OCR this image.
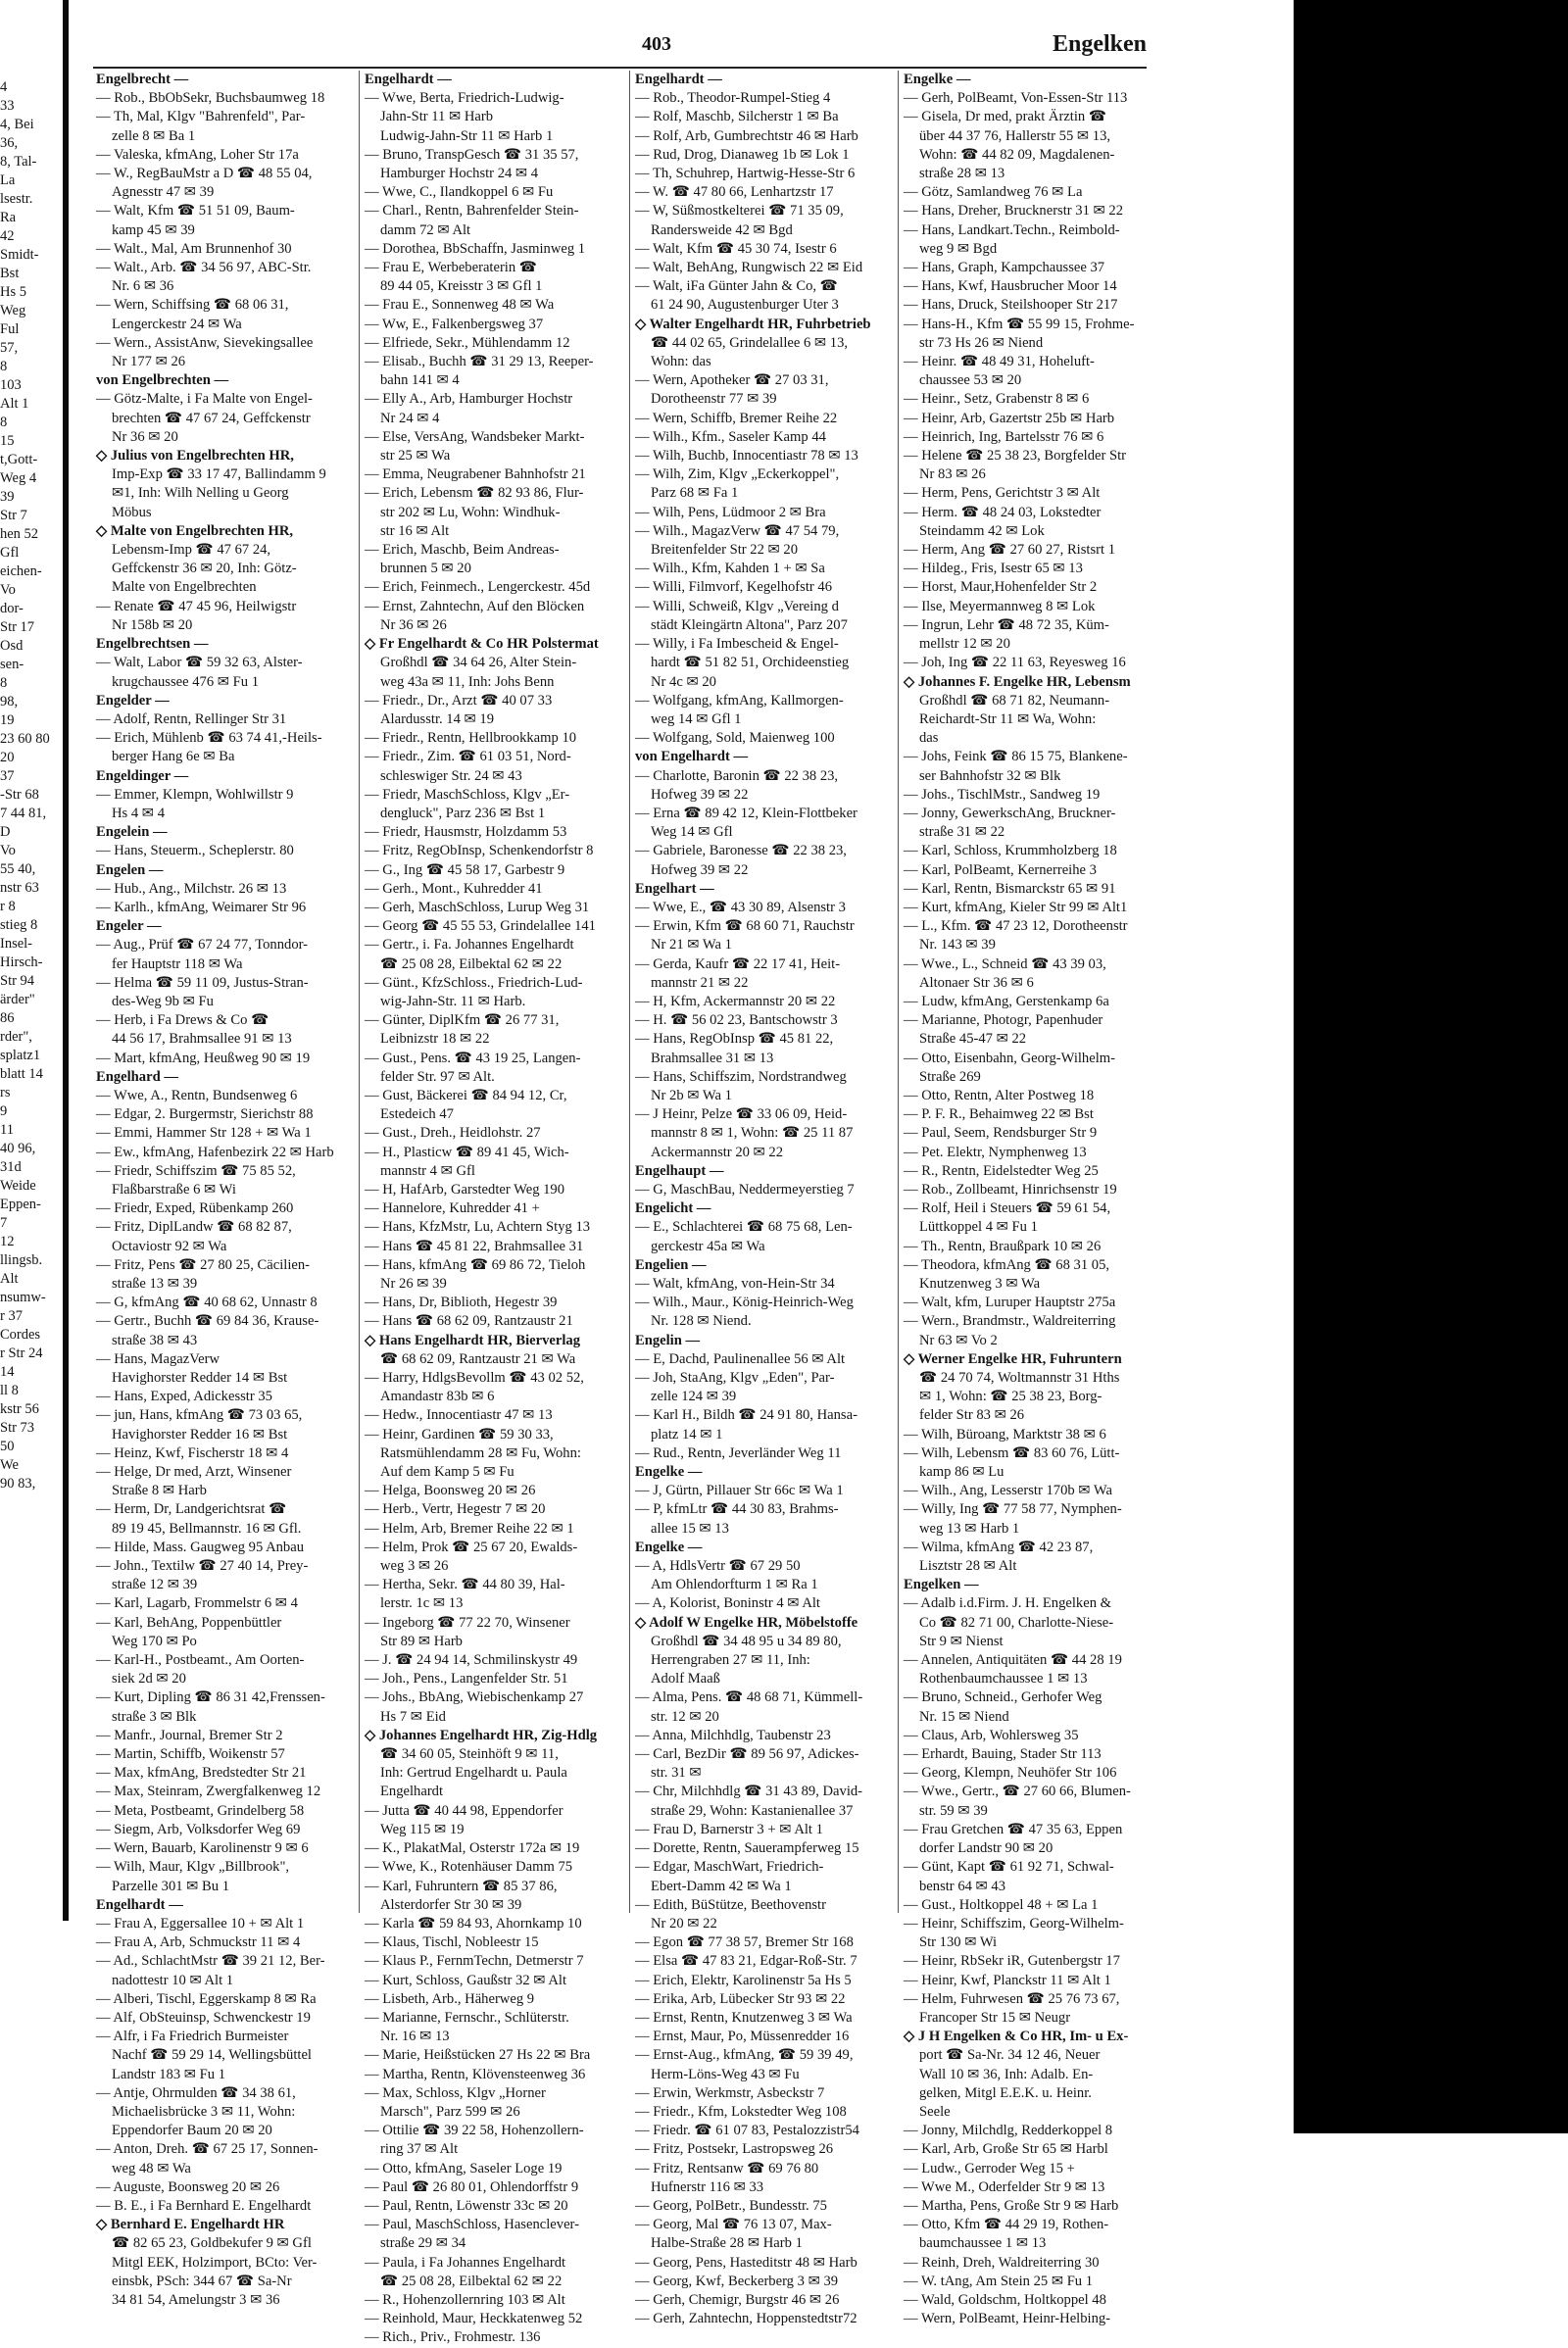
4
33
4, Bei
36,
8, Tal-
La
lsestr.
Ra
42
Smidt-
Bst
Hs 5
Weg
Ful
57,
8
103
Alt 1
8
15
t,Gott-
Weg 4
39
Str 7
hen 52
Gfl
eichen-
Vo
dor-
Str 17
Osd
sen-
8
98,
19
23 60 80
20
37
-Str 68
7 44 81,
D
Vo
55 40,
nstr 63
r 8
stieg 8
Insel-
Hirsch-
Str 94
ärder"
86
rder",
splatz1
blatt 14
rs
9
11
40 96,
31d
Weide
Eppen-
7
12
llingsb.
Alt
nsumw-
r 37
Cordes
r Str 24
14
ll 8
kstr 56
Str 73
50
We
90 83,
403	Engelken
Engelbrecht —
— Rob., BbObSekr, Buchsbaumweg 18
— Th, Mal, Klgv "Bahrenfeld", Par-
zelle 8 ✉ Ba 1
— Valeska, kfmAng, Loher Str 17a
— W., RegBauMstr a D ☎ 48 55 04,
Agnesstr 47 ✉ 39
— Walt, Kfm ☎ 51 51 09, Baum-
kamp 45 ✉ 39
— Walt., Mal, Am Brunnenhof 30
— Walt., Arb. ☎ 34 56 97, ABC-Str.
Nr. 6 ✉ 36
— Wern, Schiffsing ☎ 68 06 31,
Lengerckestr 24 ✉ Wa
— Wern., AssistAnw, Sievekingsallee
Nr 177 ✉ 26
von Engelbrechten —
— Götz-Malte, i Fa Malte von Engel-
brechten ☎ 47 67 24, Geffckenstr
Nr 36 ✉ 20
◇ Julius von Engelbrechten HR,
Imp-Exp ☎ 33 17 47, Ballindamm 9
✉1, Inh: Wilh Nelling u Georg
Möbus
◇ Malte von Engelbrechten HR,
Lebensm-Imp ☎ 47 67 24,
Geffckenstr 36 ✉ 20, Inh: Götz-
Malte von Engelbrechten
— Renate ☎ 47 45 96, Heilwigstr
Nr 158b ✉ 20
Engelbrechtsen —
— Walt, Labor ☎ 59 32 63, Alster-
krugchaussee 476 ✉ Fu 1
Engelder —
— Adolf, Rentn, Rellinger Str 31
— Erich, Mühlenb ☎ 63 74 41,-Heils-
berger Hang 6e ✉ Ba
Engeldinger —
— Emmer, Klempn, Wohlwillstr 9
Hs 4 ✉ 4
Engelein —
— Hans, Steuerm., Scheplerstr. 80
Engelen —
— Hub., Ang., Milchstr. 26 ✉ 13
— Karlh., kfmAng, Weimarer Str 96
Engeler —
— Aug., Prüf ☎ 67 24 77, Tonndor-
fer Hauptstr 118 ✉ Wa
— Helma ☎ 59 11 09, Justus-Stran-
des-Weg 9b ✉ Fu
— Herb, i Fa Drews & Co ☎
44 56 17, Brahmsallee 91 ✉ 13
— Mart, kfmAng, Heußweg 90 ✉ 19
Engelhard —
— Wwe, A., Rentn, Bundsenweg 6
— Edgar, 2. Burgermstr, Sierichstr 88
— Emmi, Hammer Str 128 + ✉ Wa 1
— Ew., kfmAng, Hafenbezirk 22 ✉ Harb
— Friedr, Schiffszim ☎ 75 85 52,
Flaßbarstraße 6 ✉ Wi
— Friedr, Exped, Rübenkamp 260
— Fritz, DiplLandw ☎ 68 82 87,
Octaviostr 92 ✉ Wa
— Fritz, Pens ☎ 27 80 25, Cäcilien-
straße 13 ✉ 39
— G, kfmAng ☎ 40 68 62, Unnastr 8
— Gertr., Buchh ☎ 69 84 36, Krause-
straße 38 ✉ 43
— Hans, MagazVerw
Havighorster Redder 14 ✉ Bst
— Hans, Exped, Adickesstr 35
— jun, Hans, kfmAng ☎ 73 03 65,
Havighorster Redder 16 ✉ Bst
— Heinz, Kwf, Fischerstr 18 ✉ 4
— Helge, Dr med, Arzt, Winsener
Straße 8 ✉ Harb
— Herm, Dr, Landgerichtsrat ☎
89 19 45, Bellmannstr. 16 ✉ Gfl.
— Hilde, Mass. Gaugweg 95 Anbau
— John., Textilw ☎ 27 40 14, Prey-
straße 12 ✉ 39
— Karl, Lagarb, Frommelstr 6 ✉ 4
— Karl, BehAng, Poppenbüttler
Weg 170 ✉ Po
— Karl-H., Postbeamt., Am Oorten-
siek 2d ✉ 20
— Kurt, Dipling ☎ 86 31 42,Frenssen-
straße 3 ✉ Blk
— Manfr., Journal, Bremer Str 2
— Martin, Schiffb, Woikenstr 57
— Max, kfmAng, Bredstedter Str 21
— Max, Steinram, Zwergfalkenweg 12
— Meta, Postbeamt, Grindelberg 58
— Siegm, Arb, Volksdorfer Weg 69
— Wern, Bauarb, Karolinenstr 9 ✉ 6
— Wilh, Maur, Klgv „Billbrook",
Parzelle 301 ✉ Bu 1
Engelhardt —
— Frau A, Eggersallee 10 + ✉ Alt 1
— Frau A, Arb, Schmuckstr 11 ✉ 4
— Ad., SchlachtMstr ☎ 39 21 12, Ber-
nadottestr 10 ✉ Alt 1
— Alberi, Tischl, Eggerskamp 8 ✉ Ra
— Alf, ObSteuinsp, Schwenckestr 19
— Alfr, i Fa Friedrich Burmeister
Nachf ☎ 59 29 14, Wellingsbüttel
Landstr 183 ✉ Fu 1
— Antje, Ohrmulden ☎ 34 38 61,
Michaelisbrücke 3 ✉ 11, Wohn:
Eppendorfer Baum 20 ✉ 20
— Anton, Dreh. ☎ 67 25 17, Sonnen-
weg 48 ✉ Wa
— Auguste, Boonsweg 20 ✉ 26
— B. E., i Fa Bernhard E. Engelhardt
◇ Bernhard E. Engelhardt HR
☎ 82 65 23, Goldbekufer 9 ✉ Gfl
Mitgl EEK, Holzimport, BCto: Ver-
einsbk, PSch: 344 67 ☎ Sa-Nr
34 81 54, Amelungstr 3 ✉ 36
Engelhardt —
— Wwe, Berta, Friedrich-Ludwig-
Jahn-Str 11 ✉ Harb
Ludwig-Jahn-Str 11 ✉ Harb 1
— Bruno, TranspGesch ☎ 31 35 57,
Hamburger Hochstr 24 ✉ 4
— Wwe, C., Ilandkoppel 6 ✉ Fu
— Charl., Rentn, Bahrenfelder Stein-
damm 72 ✉ Alt
— Dorothea, BbSchaffn, Jasminweg 1
— Frau E, Werbeberaterin ☎
89 44 05, Kreisstr 3 ✉ Gfl 1
— Frau E., Sonnenweg 48 ✉ Wa
— Ww, E., Falkenbergsweg 37
— Elfriede, Sekr., Mühlendamm 12
— Elisab., Buchh ☎ 31 29 13, Reeper-
bahn 141 ✉ 4
— Elly A., Arb, Hamburger Hochstr
Nr 24 ✉ 4
— Else, VersAng, Wandsbeker Markt-
str 25 ✉ Wa
— Emma, Neugrabener Bahnhofstr 21
— Erich, Lebensm ☎ 82 93 86, Flur-
str 202 ✉ Lu, Wohn: Windhuk-
str 16 ✉ Alt
— Erich, Maschb, Beim Andreas-
brunnen 5 ✉ 20
— Erich, Feinmech., Lengerckestr. 45d
— Ernst, Zahntechn, Auf den Blöcken
Nr 36 ✉ 26
◇ Fr Engelhardt & Co HR Polstermat
Großhdl ☎ 34 64 26, Alter Stein-
weg 43a ✉ 11, Inh: Johs Benn
— Friedr., Dr., Arzt ☎ 40 07 33
Alardusstr. 14 ✉ 19
— Friedr., Rentn, Hellbrookkamp 10
— Friedr., Zim. ☎ 61 03 51, Nord-
schleswiger Str. 24 ✉ 43
— Friedr, MaschSchloss, Klgv „Er-
dengluck", Parz 236 ✉ Bst 1
— Friedr, Hausmstr, Holzdamm 53
— Fritz, RegObInsp, Schenkendorfstr 8
— G., Ing ☎ 45 58 17, Garbestr 9
— Gerh., Mont., Kuhredder 41
— Gerh, MaschSchloss, Lurup Weg 31
— Georg ☎ 45 55 53, Grindelallee 141
— Gertr., i. Fa. Johannes Engelhardt
☎ 25 08 28, Eilbektal 62 ✉ 22
— Günt., KfzSchloss., Friedrich-Lud-
wig-Jahn-Str. 11 ✉ Harb.
— Günter, DiplKfm ☎ 26 77 31,
Leibnizstr 18 ✉ 22
— Gust., Pens. ☎ 43 19 25, Langen-
felder Str. 97 ✉ Alt.
— Gust, Bäckerei ☎ 84 94 12, Cr,
Estedeich 47
— Gust., Dreh., Heidlohstr. 27
— H., Plasticw ☎ 89 41 45, Wich-
mannstr 4 ✉ Gfl
— H, HafArb, Garstedter Weg 190
— Hannelore, Kuhredder 41 +
— Hans, KfzMstr, Lu, Achtern Styg 13
— Hans ☎ 45 81 22, Brahmsallee 31
— Hans, kfmAng ☎ 69 86 72, Tieloh
Nr 26 ✉ 39
— Hans, Dr, Biblioth, Hegestr 39
— Hans ☎ 68 62 09, Rantzaustr 21
◇ Hans Engelhardt HR, Bierverlag
☎ 68 62 09, Rantzaustr 21 ✉ Wa
— Harry, HdlgsBevollm ☎ 43 02 52,
Amandastr 83b ✉ 6
— Hedw., Innocentiastr 47 ✉ 13
— Heinr, Gardinen ☎ 59 30 33,
Ratsmühlendamm 28 ✉ Fu, Wohn:
Auf dem Kamp 5 ✉ Fu
— Helga, Boonsweg 20 ✉ 26
— Herb., Vertr, Hegestr 7 ✉ 20
— Helm, Arb, Bremer Reihe 22 ✉ 1
— Helm, Prok ☎ 25 67 20, Ewalds-
weg 3 ✉ 26
— Hertha, Sekr. ☎ 44 80 39, Hal-
lerstr. 1c ✉ 13
— Ingeborg ☎ 77 22 70, Winsener
Str 89 ✉ Harb
— J. ☎ 24 94 14, Schmilinskystr 49
— Joh., Pens., Langenfelder Str. 51
— Johs., BbAng, Wiebischenkamp 27
Hs 7 ✉ Eid
◇ Johannes Engelhardt HR, Zig-Hdlg
☎ 34 60 05, Steinhöft 9 ✉ 11,
Inh: Gertrud Engelhardt u. Paula
Engelhardt
— Jutta ☎ 40 44 98, Eppendorfer
Weg 115 ✉ 19
— K., PlakatMal, Osterstr 172a ✉ 19
— Wwe, K., Rotenhäuser Damm 75
— Karl, Fuhruntern ☎ 85 37 86,
Alsterdorfer Str 30 ✉ 39
— Karla ☎ 59 84 93, Ahornkamp 10
— Klaus, Tischl, Nobleestr 15
— Klaus P., FernmTechn, Detmerstr 7
— Kurt, Schloss, Gaußstr 32 ✉ Alt
— Lisbeth, Arb., Häherweg 9
— Marianne, Fernschr., Schlüterstr.
Nr. 16 ✉ 13
— Marie, Heißstücken 27 Hs 22 ✉ Bra
— Martha, Rentn, Klövensteenweg 36
— Max, Schloss, Klgv „Horner
Marsch", Parz 599 ✉ 26
— Ottilie ☎ 39 22 58, Hohenzollern-
ring 37 ✉ Alt
— Otto, kfmAng, Saseler Loge 19
— Paul ☎ 26 80 01, Ohlendorffstr 9
— Paul, Rentn, Löwenstr 33c ✉ 20
— Paul, MaschSchloss, Hasenclever-
straße 29 ✉ 34
— Paula, i Fa Johannes Engelhardt
☎ 25 08 28, Eilbektal 62 ✉ 22
— R., Hohenzollernring 103 ✉ Alt
— Reinhold, Maur, Heckkatenweg 52
— Rich., Priv., Frohmestr. 136
Engelhardt —
— Rob., Theodor-Rumpel-Stieg 4
— Rolf, Maschb, Silcherstr 1 ✉ Ba
— Rolf, Arb, Gumbrechtstr 46 ✉ Harb
— Rud, Drog, Dianaweg 1b ✉ Lok 1
— Th, Schuhrep, Hartwig-Hesse-Str 6
— W. ☎ 47 80 66, Lenhartzstr 17
— W, Süßmostkelterei ☎ 71 35 09,
Randersweide 42 ✉ Bgd
— Walt, Kfm ☎ 45 30 74, Isestr 6
— Walt, BehAng, Rungwisch 22 ✉ Eid
— Walt, iFa Günter Jahn & Co, ☎
61 24 90, Augustenburger Uter 3
◇ Walter Engelhardt HR, Fuhrbetrieb
☎ 44 02 65, Grindelallee 6 ✉ 13,
Wohn: das
— Wern, Apotheker ☎ 27 03 31,
Dorotheenstr 77 ✉ 39
— Wern, Schiffb, Bremer Reihe 22
— Wilh., Kfm., Saseler Kamp 44
— Wilh, Buchb, Innocentiastr 78 ✉ 13
— Wilh, Zim, Klgv „Eckerkoppel",
Parz 68 ✉ Fa 1
— Wilh, Pens, Lüdmoor 2 ✉ Bra
— Wilh., MagazVerw ☎ 47 54 79,
Breitenfelder Str 22 ✉ 20
— Wilh., Kfm, Kahden 1 + ✉ Sa
— Willi, Filmvorf, Kegelhofstr 46
— Willi, Schweiß, Klgv „Vereing d
städt Kleingärtn Altona", Parz 207
— Willy, i Fa Imbescheid & Engel-
hardt ☎ 51 82 51, Orchideenstieg
Nr 4c ✉ 20
— Wolfgang, kfmAng, Kallmorgen-
weg 14 ✉ Gfl 1
— Wolfgang, Sold, Maienweg 100
von Engelhardt —
— Charlotte, Baronin ☎ 22 38 23,
Hofweg 39 ✉ 22
— Erna ☎ 89 42 12, Klein-Flottbeker
Weg 14 ✉ Gfl
— Gabriele, Baronesse ☎ 22 38 23,
Hofweg 39 ✉ 22
Engelhart —
— Wwe, E., ☎ 43 30 89, Alsenstr 3
— Erwin, Kfm ☎ 68 60 71, Rauchstr
Nr 21 ✉ Wa 1
— Gerda, Kaufr ☎ 22 17 41, Heit-
mannstr 21 ✉ 22
— H, Kfm, Ackermannstr 20 ✉ 22
— H. ☎ 56 02 23, Bantschowstr 3
— Hans, RegObInsp ☎ 45 81 22,
Brahmsallee 31 ✉ 13
— Hans, Schiffszim, Nordstrandweg
Nr 2b ✉ Wa 1
— J Heinr, Pelze ☎ 33 06 09, Heid-
mannstr 8 ✉ 1, Wohn: ☎ 25 11 87
Ackermannstr 20 ✉ 22
Engelhaupt —
— G, MaschBau, Neddermeyerstieg 7
Engelicht —
— E., Schlachterei ☎ 68 75 68, Len-
gerckestr 45a ✉ Wa
Engelien —
— Walt, kfmAng, von-Hein-Str 34
— Wilh., Maur., König-Heinrich-Weg
Nr. 128 ✉ Niend.
Engelin —
— E, Dachd, Paulinenallee 56 ✉ Alt
— Joh, StaAng, Klgv „Eden", Par-
zelle 124 ✉ 39
— Karl H., Bildh ☎ 24 91 80, Hansa-
platz 14 ✉ 1
— Rud., Rentn, Jeverländer Weg 11
Engelke —
— J, Gürtn, Pillauer Str 66c ✉ Wa 1
— P, kfmLtr ☎ 44 30 83, Brahms-
allee 15 ✉ 13
Engelke —
— A, HdlsVertr ☎ 67 29 50
Am Ohlendorfturm 1 ✉ Ra 1
— A, Kolorist, Boninstr 4 ✉ Alt
◇ Adolf W Engelke HR, Möbelstoffe
Großhdl ☎ 34 48 95 u 34 89 80,
Herrengraben 27 ✉ 11, Inh:
Adolf Maaß
— Alma, Pens. ☎ 48 68 71, Kümmell-
str. 12 ✉ 20
— Anna, Milchhdlg, Taubenstr 23
— Carl, BezDir ☎ 89 56 97, Adickes-
str. 31 ✉
— Chr, Milchhdlg ☎ 31 43 89, David-
straße 29, Wohn: Kastanienallee 37
— Frau D, Barnerstr 3 + ✉ Alt 1
— Dorette, Rentn, Sauerampferweg 15
— Edgar, MaschWart, Friedrich-
Ebert-Damm 42 ✉ Wa 1
— Edith, BüStütze, Beethovenstr
Nr 20 ✉ 22
— Egon ☎ 77 38 57, Bremer Str 168
— Elsa ☎ 47 83 21, Edgar-Roß-Str. 7
— Erich, Elektr, Karolinenstr 5a Hs 5
— Erika, Arb, Lübecker Str 93 ✉ 22
— Ernst, Rentn, Knutzenweg 3 ✉ Wa
— Ernst, Maur, Po, Müssenredder 16
— Ernst-Aug., kfmAng, ☎ 59 39 49,
Herm-Löns-Weg 43 ✉ Fu
— Erwin, Werkmstr, Asbeckstr 7
— Friedr., Kfm, Lokstedter Weg 108
— Friedr. ☎ 61 07 83, Pestalozzistr54
— Fritz, Postsekr, Lastropsweg 26
— Fritz, Rentsanw ☎ 69 76 80
Hufnerstr 116 ✉ 33
— Georg, PolBetr., Bundesstr. 75
— Georg, Mal ☎ 76 13 07, Max-
Halbe-Straße 28 ✉ Harb 1
— Georg, Pens, Hasteditstr 48 ✉ Harb
— Georg, Kwf, Beckerberg 3 ✉ 39
— Gerh, Chemigr, Burgstr 46 ✉ 26
— Gerh, Zahntechn, Hoppenstedtstr72
Engelke —
— Gerh, PolBeamt, Von-Essen-Str 113
— Gisela, Dr med, prakt Ärztin ☎
über 44 37 76, Hallerstr 55 ✉ 13,
Wohn: ☎ 44 82 09, Magdalenen-
straße 28 ✉ 13
— Götz, Samlandweg 76 ✉ La
— Hans, Dreher, Brucknerstr 31 ✉ 22
— Hans, Landkart.Techn., Reimbold-
weg 9 ✉ Bgd
— Hans, Graph, Kampchaussee 37
— Hans, Kwf, Hausbrucher Moor 14
— Hans, Druck, Steilshooper Str 217
— Hans-H., Kfm ☎ 55 99 15, Frohme-
str 73 Hs 26 ✉ Niend
— Heinr. ☎ 48 49 31, Hoheluft-
chaussee 53 ✉ 20
— Heinr., Setz, Grabenstr 8 ✉ 6
— Heinr, Arb, Gazertstr 25b ✉ Harb
— Heinrich, Ing, Bartelsstr 76 ✉ 6
— Helene ☎ 25 38 23, Borgfelder Str
Nr 83 ✉ 26
— Herm, Pens, Gerichtstr 3 ✉ Alt
— Herm. ☎ 48 24 03, Lokstedter
Steindamm 42 ✉ Lok
— Herm, Ang ☎ 27 60 27, Ristsrt 1
— Hildeg., Fris, Isestr 65 ✉ 13
— Horst, Maur,Hohenfelder Str 2
— Ilse, Meyermannweg 8 ✉ Lok
— Ingrun, Lehr ☎ 48 72 35, Küm-
mellstr 12 ✉ 20
— Joh, Ing ☎ 22 11 63, Reyesweg 16
◇ Johannes F. Engelke HR, Lebensm
Großhdl ☎ 68 71 82, Neumann-
Reichardt-Str 11 ✉ Wa, Wohn:
das
— Johs, Feink ☎ 86 15 75, Blankene-
ser Bahnhofstr 32 ✉ Blk
— Johs., TischlMstr., Sandweg 19
— Jonny, GewerkschAng, Bruckner-
straße 31 ✉ 22
— Karl, Schloss, Krummholzberg 18
— Karl, PolBeamt, Kernerreihe 3
— Karl, Rentn, Bismarckstr 65 ✉ 91
— Kurt, kfmAng, Kieler Str 99 ✉ Alt1
— L., Kfm. ☎ 47 23 12, Dorotheenstr
Nr. 143 ✉ 39
— Wwe., L., Schneid ☎ 43 39 03,
Altonaer Str 36 ✉ 6
— Ludw, kfmAng, Gerstenkamp 6a
— Marianne, Photogr, Papenhuder
Straße 45-47 ✉ 22
— Otto, Eisenbahn, Georg-Wilhelm-
Straße 269
— Otto, Rentn, Alter Postweg 18
— P. F. R., Behaimweg 22 ✉ Bst
— Paul, Seem, Rendsburger Str 9
— Pet. Elektr, Nymphenweg 13
— R., Rentn, Eidelstedter Weg 25
— Rob., Zollbeamt, Hinrichsenstr 19
— Rolf, Heil i Steuers ☎ 59 61 54,
Lüttkoppel 4 ✉ Fu 1
— Th., Rentn, Braußpark 10 ✉ 26
— Theodora, kfmAng ☎ 68 31 05,
Knutzenweg 3 ✉ Wa
— Walt, kfm, Luruper Hauptstr 275a
— Wern., Brandmstr., Waldreiterring
Nr 63 ✉ Vo 2
◇ Werner Engelke HR, Fuhruntern
☎ 24 70 74, Woltmannstr 31 Hths
✉ 1, Wohn: ☎ 25 38 23, Borg-
felder Str 83 ✉ 26
— Wilh, Büroang, Marktstr 38 ✉ 6
— Wilh, Lebensm ☎ 83 60 76, Lütt-
kamp 86 ✉ Lu
— Wilh., Ang, Lesserstr 170b ✉ Wa
— Willy, Ing ☎ 77 58 77, Nymphen-
weg 13 ✉ Harb 1
— Wilma, kfmAng ☎ 42 23 87,
Lisztstr 28 ✉ Alt
Engelken —
— Adalb i.d.Firm. J. H. Engelken &
Co ☎ 82 71 00, Charlotte-Niese-
Str 9 ✉ Nienst
— Annelen, Antiquitäten ☎ 44 28 19
Rothenbaumchaussee 1 ✉ 13
— Bruno, Schneid., Gerhofer Weg
Nr. 15 ✉ Niend
— Claus, Arb, Wohlersweg 35
— Erhardt, Bauing, Stader Str 113
— Georg, Klempn, Neuhöfer Str 106
— Wwe., Gertr., ☎ 27 60 66, Blumen-
str. 59 ✉ 39
— Frau Gretchen ☎ 47 35 63, Eppen
dorfer Landstr 90 ✉ 20
— Günt, Kapt ☎ 61 92 71, Schwal-
benstr 64 ✉ 43
— Gust., Holtkoppel 48 + ✉ La 1
— Heinr, Schiffszim, Georg-Wilhelm-
Str 130 ✉ Wi
— Heinr, RbSekr iR, Gutenbergstr 17
— Heinr, Kwf, Planckstr 11 ✉ Alt 1
— Helm, Fuhrwesen ☎ 25 76 73 67,
Francoper Str 15 ✉ Neugr
◇ J H Engelken & Co HR, Im- u Ex-
port ☎ Sa-Nr. 34 12 46, Neuer
Wall 10 ✉ 36, Inh: Adalb. En-
gelken, Mitgl E.E.K. u. Heinr.
Seele
— Jonny, Milchdlg, Redderkoppel 8
— Karl, Arb, Große Str 65 ✉ Harbl
— Ludw., Gerroder Weg 15 +
— Wwe M., Oderfelder Str 9 ✉ 13
— Martha, Pens, Große Str 9 ✉ Harb
— Otto, Kfm ☎ 44 29 19, Rothen-
baumchaussee 1 ✉ 13
— Reinh, Dreh, Waldreiterring 30
— W. tAng, Am Stein 25 ✉ Fu 1
— Wald, Goldschm, Holtkoppel 48
— Wern, PolBeamt, Heinr-Helbing-
